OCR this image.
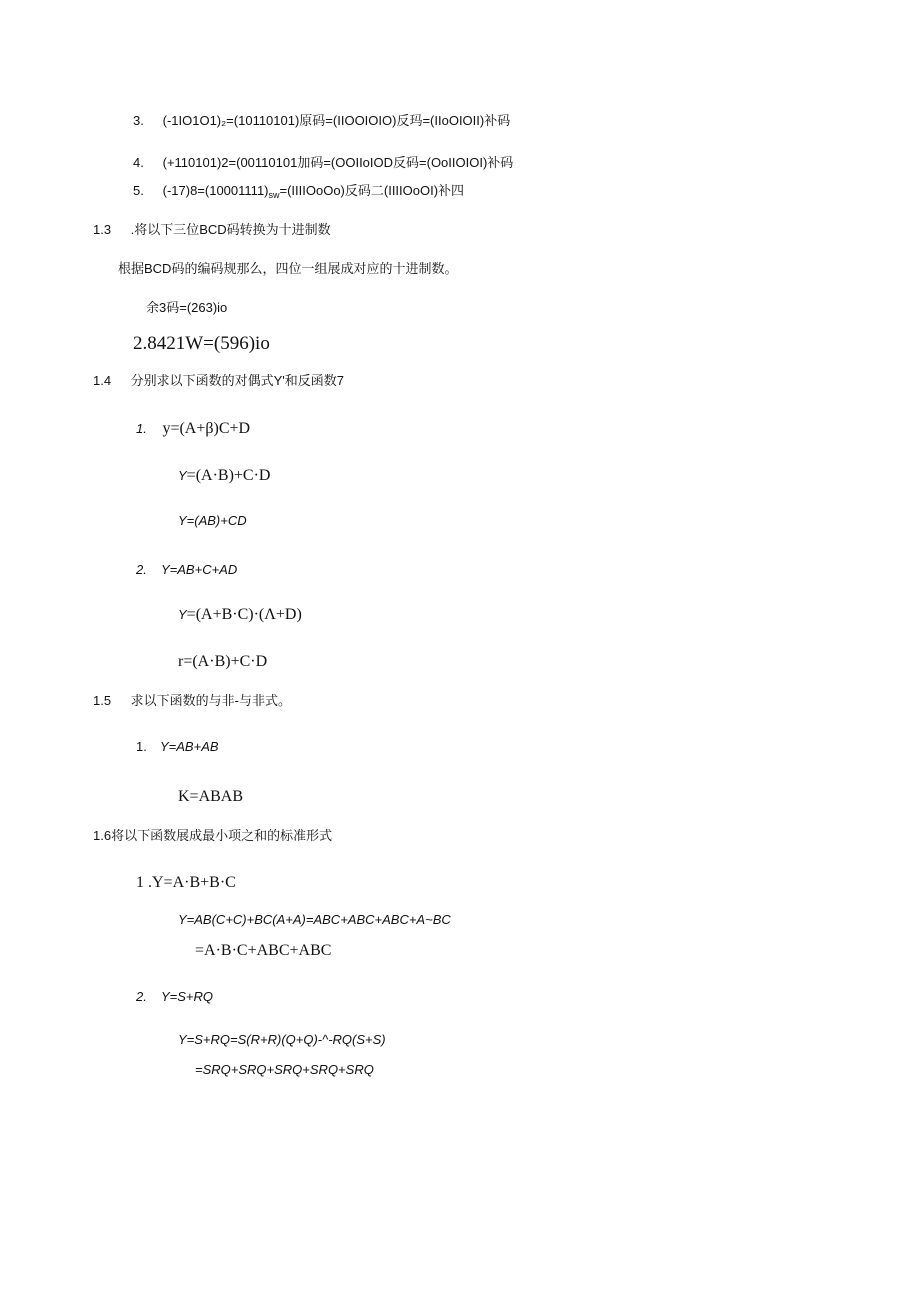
3. (-1IO1O1)₂=(10110101)原码=(IIOOIOIO)反玛=(IIoOIOII)补码
4. (+110101)2=(00110101加码=(OOIIoIOD反码=(OoIIOIOI)补码
5. $(-17)8=(10001111)_{sw}=(IIIIOoOo)$反码二(IIIIOoOI)补四
1.3 .将以下三位BCD码转换为十进制数
根据BCD码的编码规那么，四位一组展成对应的十进制数。
余3码=(263)io
2.8421W=(596)io
1.4 分别求以下函数的对偶式Y'和反函数7
1. y=(A+β)C+D
Y=(A·B)+C·D
Y=(AB)+CD
2. Y=AB+C+AD
Y=(A+B·C)·(Λ+D)
r=(A·B)+C·D
1.5 求以下函数的与非-与非式。
1. Y=AB+AB
K=ABAB
1.6将以下函数展成最小项之和的标准形式
1 .Y=A·B+B·C
Y=AB(C+C)+BC(A+A)=ABC+ABC+ABC+A~BC
=A·B·C+ABC+ABC
2. Y=S+RQ
Y=S+RQ=S(R+R)(Q+Q)-^-RQ(S+S)
=SRQ+SRQ+SRQ+SRQ+SRQ
